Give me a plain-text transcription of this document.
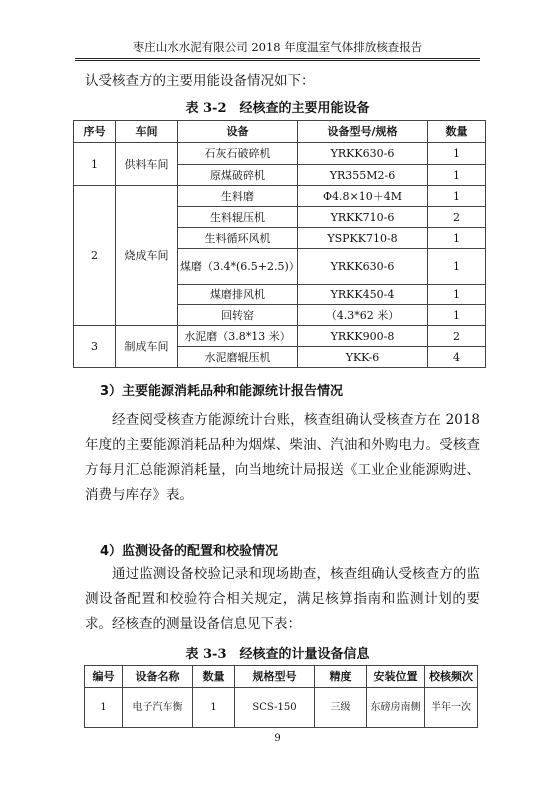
枣庄山水水泥有限公司 2018 年度温室气体排放核查报告

认受核查方的主要用能设备情况如下：

表 3-2　经核查的主要用能设备
序号	车间	设备	设备型号/规格	数量
1	供料车间	石灰石破碎机	YRKK630-6	1
		原煤破碎机	YR355M2-6	1
2	烧成车间	生料磨	Φ4.8×10＋4M	1
		生料辊压机	YRKK710-6	2
		生料循环风机	YSPKK710-8	1
		煤磨（3.4*(6.5+2.5)）	YRKK630-6	1
		煤磨排风机	YRKK450-4	1
		回转窑	（4.3*62 米）	1
3	制成车间	水泥磨（3.8*13 米）	YRKK900-8	2
		水泥磨辊压机	YKK-6	4
3）主要能源消耗品种和能源统计报告情况

经查阅受核查方能源统计台账，核查组确认受核查方在 2018 年度的主要能源消耗品种为烟煤、柴油、汽油和外购电力。受核查方每月汇总能源消耗量，向当地统计局报送《工业企业能源购进、消费与库存》表。

4）监测设备的配置和校验情况

通过监测设备校验记录和现场勘查，核查组确认受核查方的监测设备配置和校验符合相关规定，满足核算指南和监测计划的要求。经核查的测量设备信息见下表：

表 3-3　经核查的计量设备信息
编号	设备名称	数量	规格型号	精度	安装位置	校核频次
1	电子汽车衡	1	SCS-150	三级	东磅房南侧	半年一次
9
